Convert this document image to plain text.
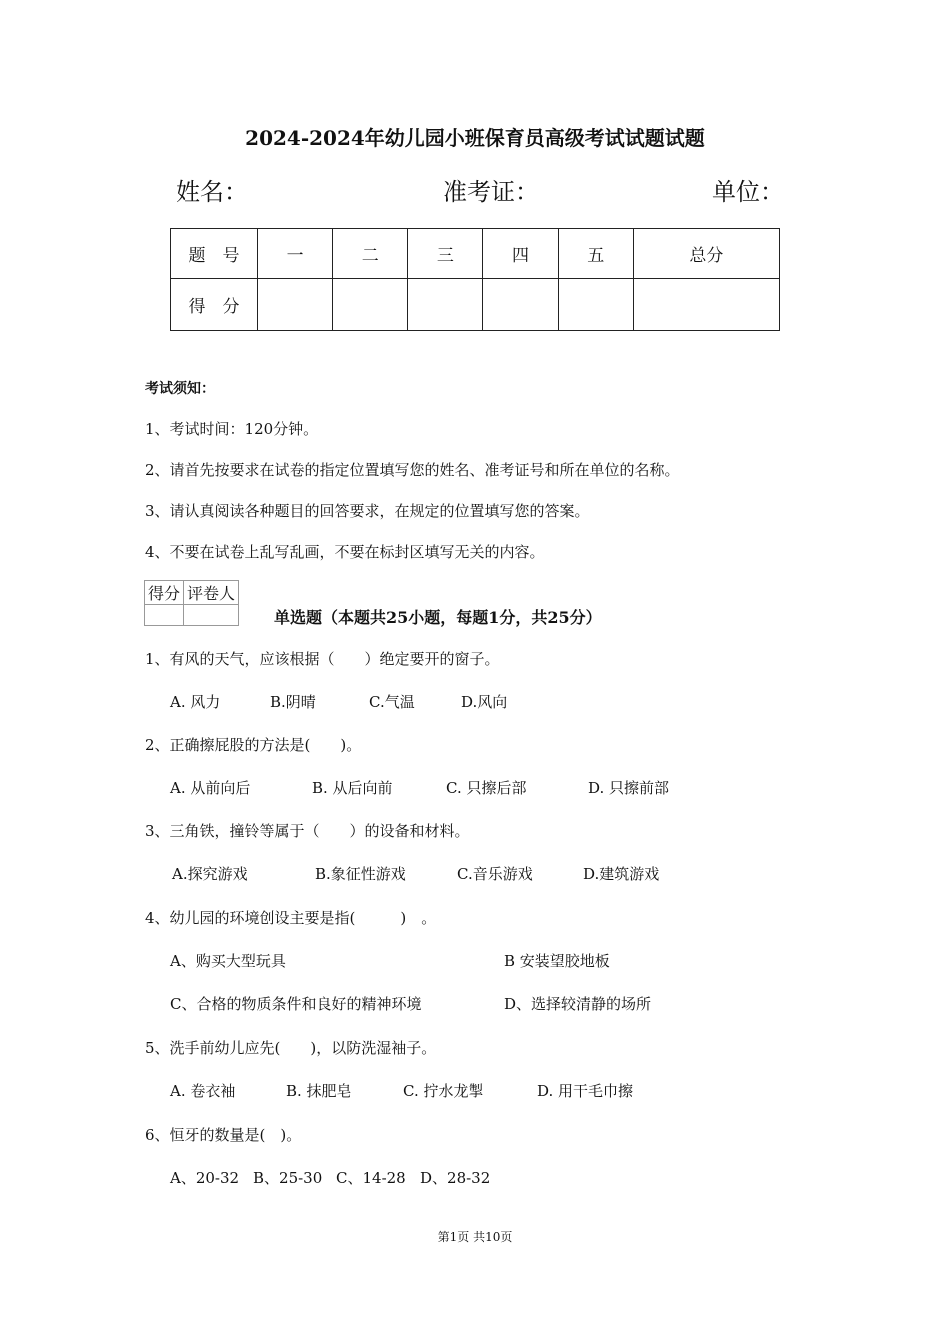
2024-2024年幼儿园小班保育员高级考试试题试题
姓名：	准考证：	单位：
题　号	一	二	三	四	五	总分
得　分						
考试须知：
1、考试时间：120分钟。
2、请首先按要求在试卷的指定位置填写您的姓名、准考证号和所在单位的名称。
3、请认真阅读各种题目的回答要求，在规定的位置填写您的答案。
4、不要在试卷上乱写乱画，不要在标封区填写无关的内容。
得分	评卷人

单选题（本题共25小题，每题1分，共25分）
1、有风的天气，应该根据（　　）绝定要开的窗子。
A. 风力	B.阴晴	C.气温	D.风向
2、正确擦屁股的方法是(　　)。
A. 从前向后	B. 从后向前	C. 只擦后部	D. 只擦前部
3、三角铁，撞铃等属于（　　）的设备和材料。
A.探究游戏	B.象征性游戏	C.音乐游戏	D.建筑游戏
4、幼儿园的环境创设主要是指(　　　)　。
A、购买大型玩具	B 安装望胶地板
C、合格的物质条件和良好的精神环境	D、选择较清静的场所
5、洗手前幼儿应先(　　)，以防洗湿袖子。
A. 卷衣袖	B. 抹肥皂	C. 拧水龙掣	D. 用干毛巾擦
6、恒牙的数量是(　)。
A、20-32 B、25-30 C、14-28 D、28-32
第1页 共10页
